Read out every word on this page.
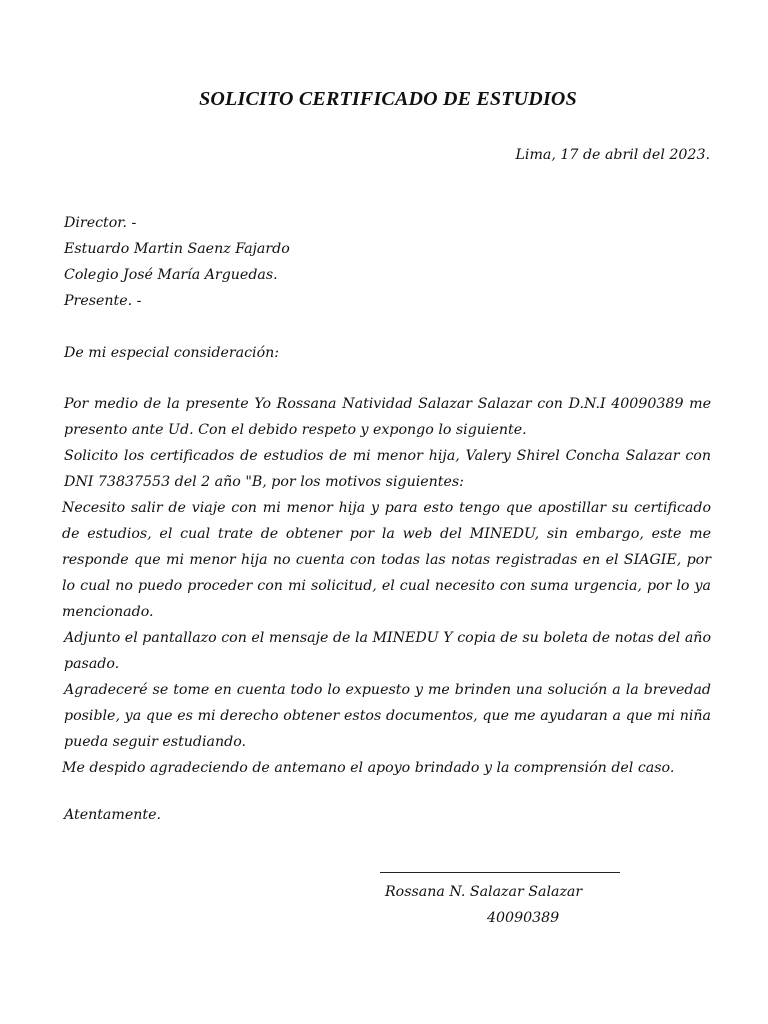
SOLICITO CERTIFICADO DE ESTUDIOS
Lima, 17 de abril del 2023.
Director. -
Estuardo Martin Saenz Fajardo
Colegio José María Arguedas.
Presente. -
De mi especial consideración:
Por medio de la presente Yo Rossana Natividad Salazar Salazar con D.N.I 40090389 me presento ante Ud. Con el debido respeto y expongo lo siguiente.
Solicito los certificados de estudios de mi menor hija, Valery Shirel Concha Salazar con DNI 73837553 del 2 año "B, por los motivos siguientes:
Necesito salir de viaje con mi menor hija y para esto tengo que apostillar su certificado de estudios, el cual trate de obtener por la web del MINEDU, sin embargo, este me responde que mi menor hija no cuenta con todas las notas registradas en el SIAGIE, por lo cual no puedo proceder con mi solicitud, el cual necesito con suma urgencia, por lo ya mencionado.
Adjunto el pantallazo con el mensaje de la MINEDU Y copia de su boleta de notas del año pasado.
Agradeceré se tome en cuenta todo lo expuesto y me brinden una solución a la brevedad posible, ya que es mi derecho obtener estos documentos, que me ayudaran a que mi niña pueda seguir estudiando.
Me despido agradeciendo de antemano el apoyo brindado y la comprensión del caso.
Atentamente.
Rossana N. Salazar Salazar
40090389
